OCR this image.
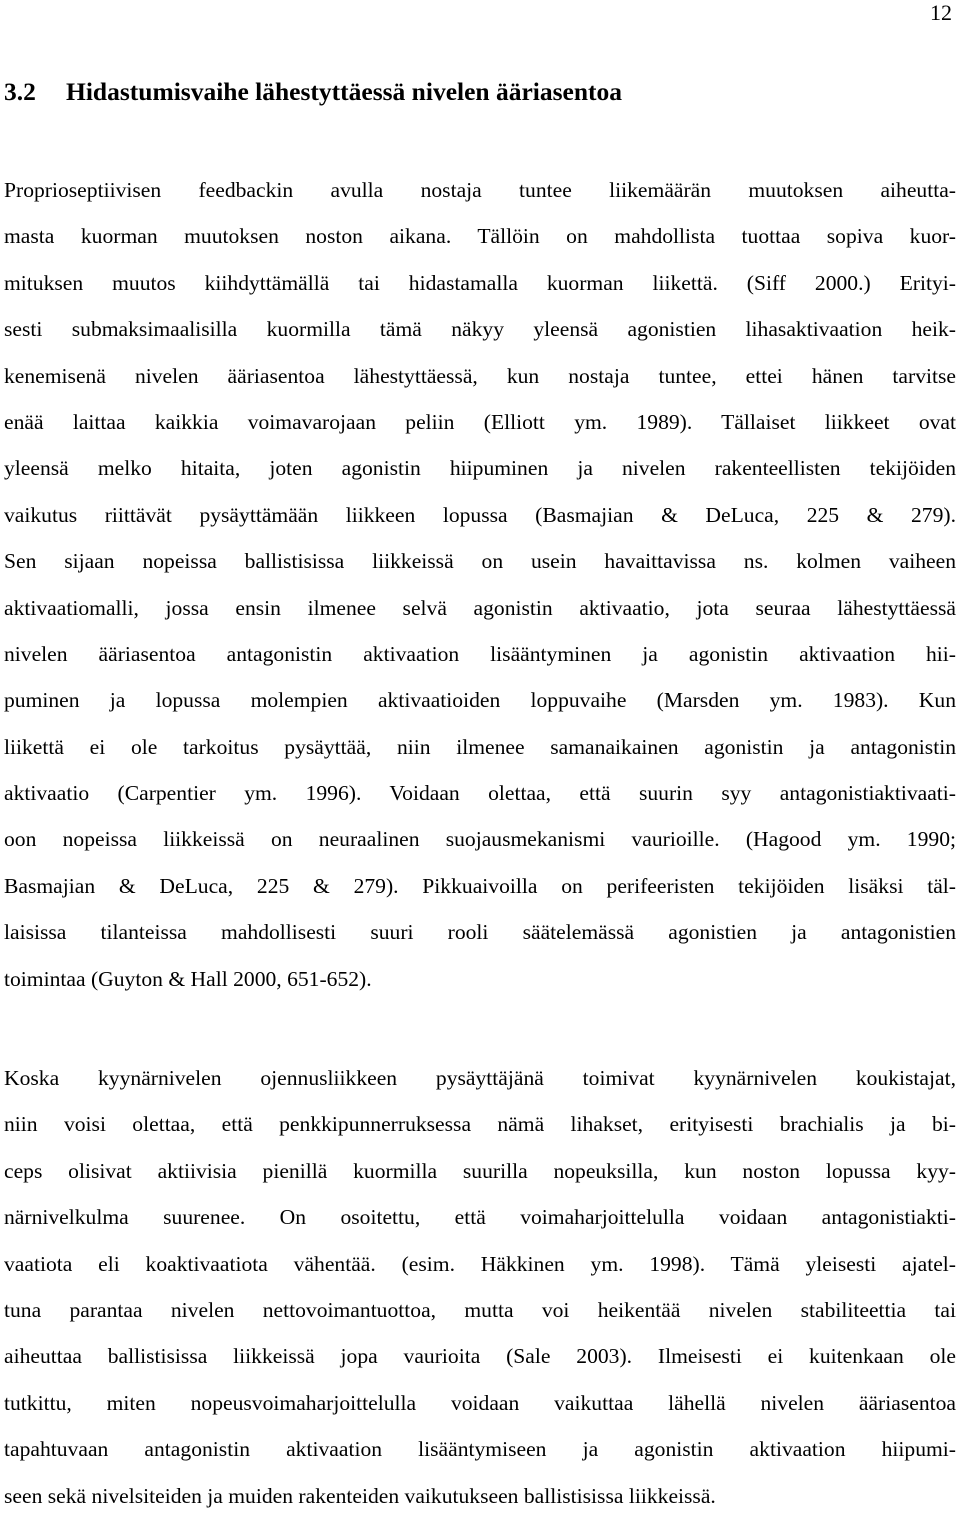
12
3.2 Hidastumisvaihe lähestyttäessä nivelen ääriasentoa
Proprioseptiivisen feedbackin avulla nostaja tuntee liikemäärän muutoksen aiheutta-
masta kuorman muutoksen noston aikana. Tällöin on mahdollista tuottaa sopiva kuor-
mituksen muutos kiihdyttämällä tai hidastamalla kuorman liikettä. (Siff 2000.) Erityi-
sesti submaksimaalisilla kuormilla tämä näkyy yleensä agonistien lihasaktivaation heik-
kenemisenä nivelen ääriasentoa lähestyttäessä, kun nostaja tuntee, ettei hänen tarvitse
enää laittaa kaikkia voimavarojaan peliin (Elliott ym. 1989). Tällaiset liikkeet ovat
yleensä melko hitaita, joten agonistin hiipuminen ja nivelen rakenteellisten tekijöiden
vaikutus riittävät pysäyttämään liikkeen lopussa (Basmajian & DeLuca, 225 & 279).
Sen sijaan nopeissa ballistisissa liikkeissä on usein havaittavissa ns. kolmen vaiheen
aktivaatiomalli, jossa ensin ilmenee selvä agonistin aktivaatio, jota seuraa lähestyttäessä
nivelen ääriasentoa antagonistin aktivaation lisääntyminen ja agonistin aktivaation hii-
puminen ja lopussa molempien aktivaatioiden loppuvaihe (Marsden ym. 1983). Kun
liikettä ei ole tarkoitus pysäyttää, niin ilmenee samanaikainen agonistin ja antagonistin
aktivaatio (Carpentier ym. 1996). Voidaan olettaa, että suurin syy antagonistiaktivaati-
oon nopeissa liikkeissä on neuraalinen suojausmekanismi vaurioille. (Hagood ym. 1990;
Basmajian & DeLuca, 225 & 279). Pikkuaivoilla on perifeeristen tekijöiden lisäksi täl-
laisissa tilanteissa mahdollisesti suuri rooli säätelemässä agonistien ja antagonistien
toimintaa (Guyton & Hall 2000, 651-652).
Koska kyynärnivelen ojennusliikkeen pysäyttäjänä toimivat kyynärnivelen koukistajat,
niin voisi olettaa, että penkkipunnerruksessa nämä lihakset, erityisesti brachialis ja bi-
ceps olisivat aktiivisia pienillä kuormilla suurilla nopeuksilla, kun noston lopussa kyy-
närnivelkulma suurenee. On osoitettu, että voimaharjoittelulla voidaan antagonistiakti-
vaatiota eli koaktivaatiota vähentää. (esim. Häkkinen ym. 1998). Tämä yleisesti ajatel-
tuna parantaa nivelen nettovoimantuottoa, mutta voi heikentää nivelen stabiliteettia tai
aiheuttaa ballistisissa liikkeissä jopa vaurioita (Sale 2003). Ilmeisesti ei kuitenkaan ole
tutkittu, miten nopeusvoimaharjoittelulla voidaan vaikuttaa lähellä nivelen ääriasentoa
tapahtuvaan antagonistin aktivaation lisääntymiseen ja agonistin aktivaation hiipumi-
seen sekä nivelsiteiden ja muiden rakenteiden vaikutukseen ballistisissa liikkeissä.
